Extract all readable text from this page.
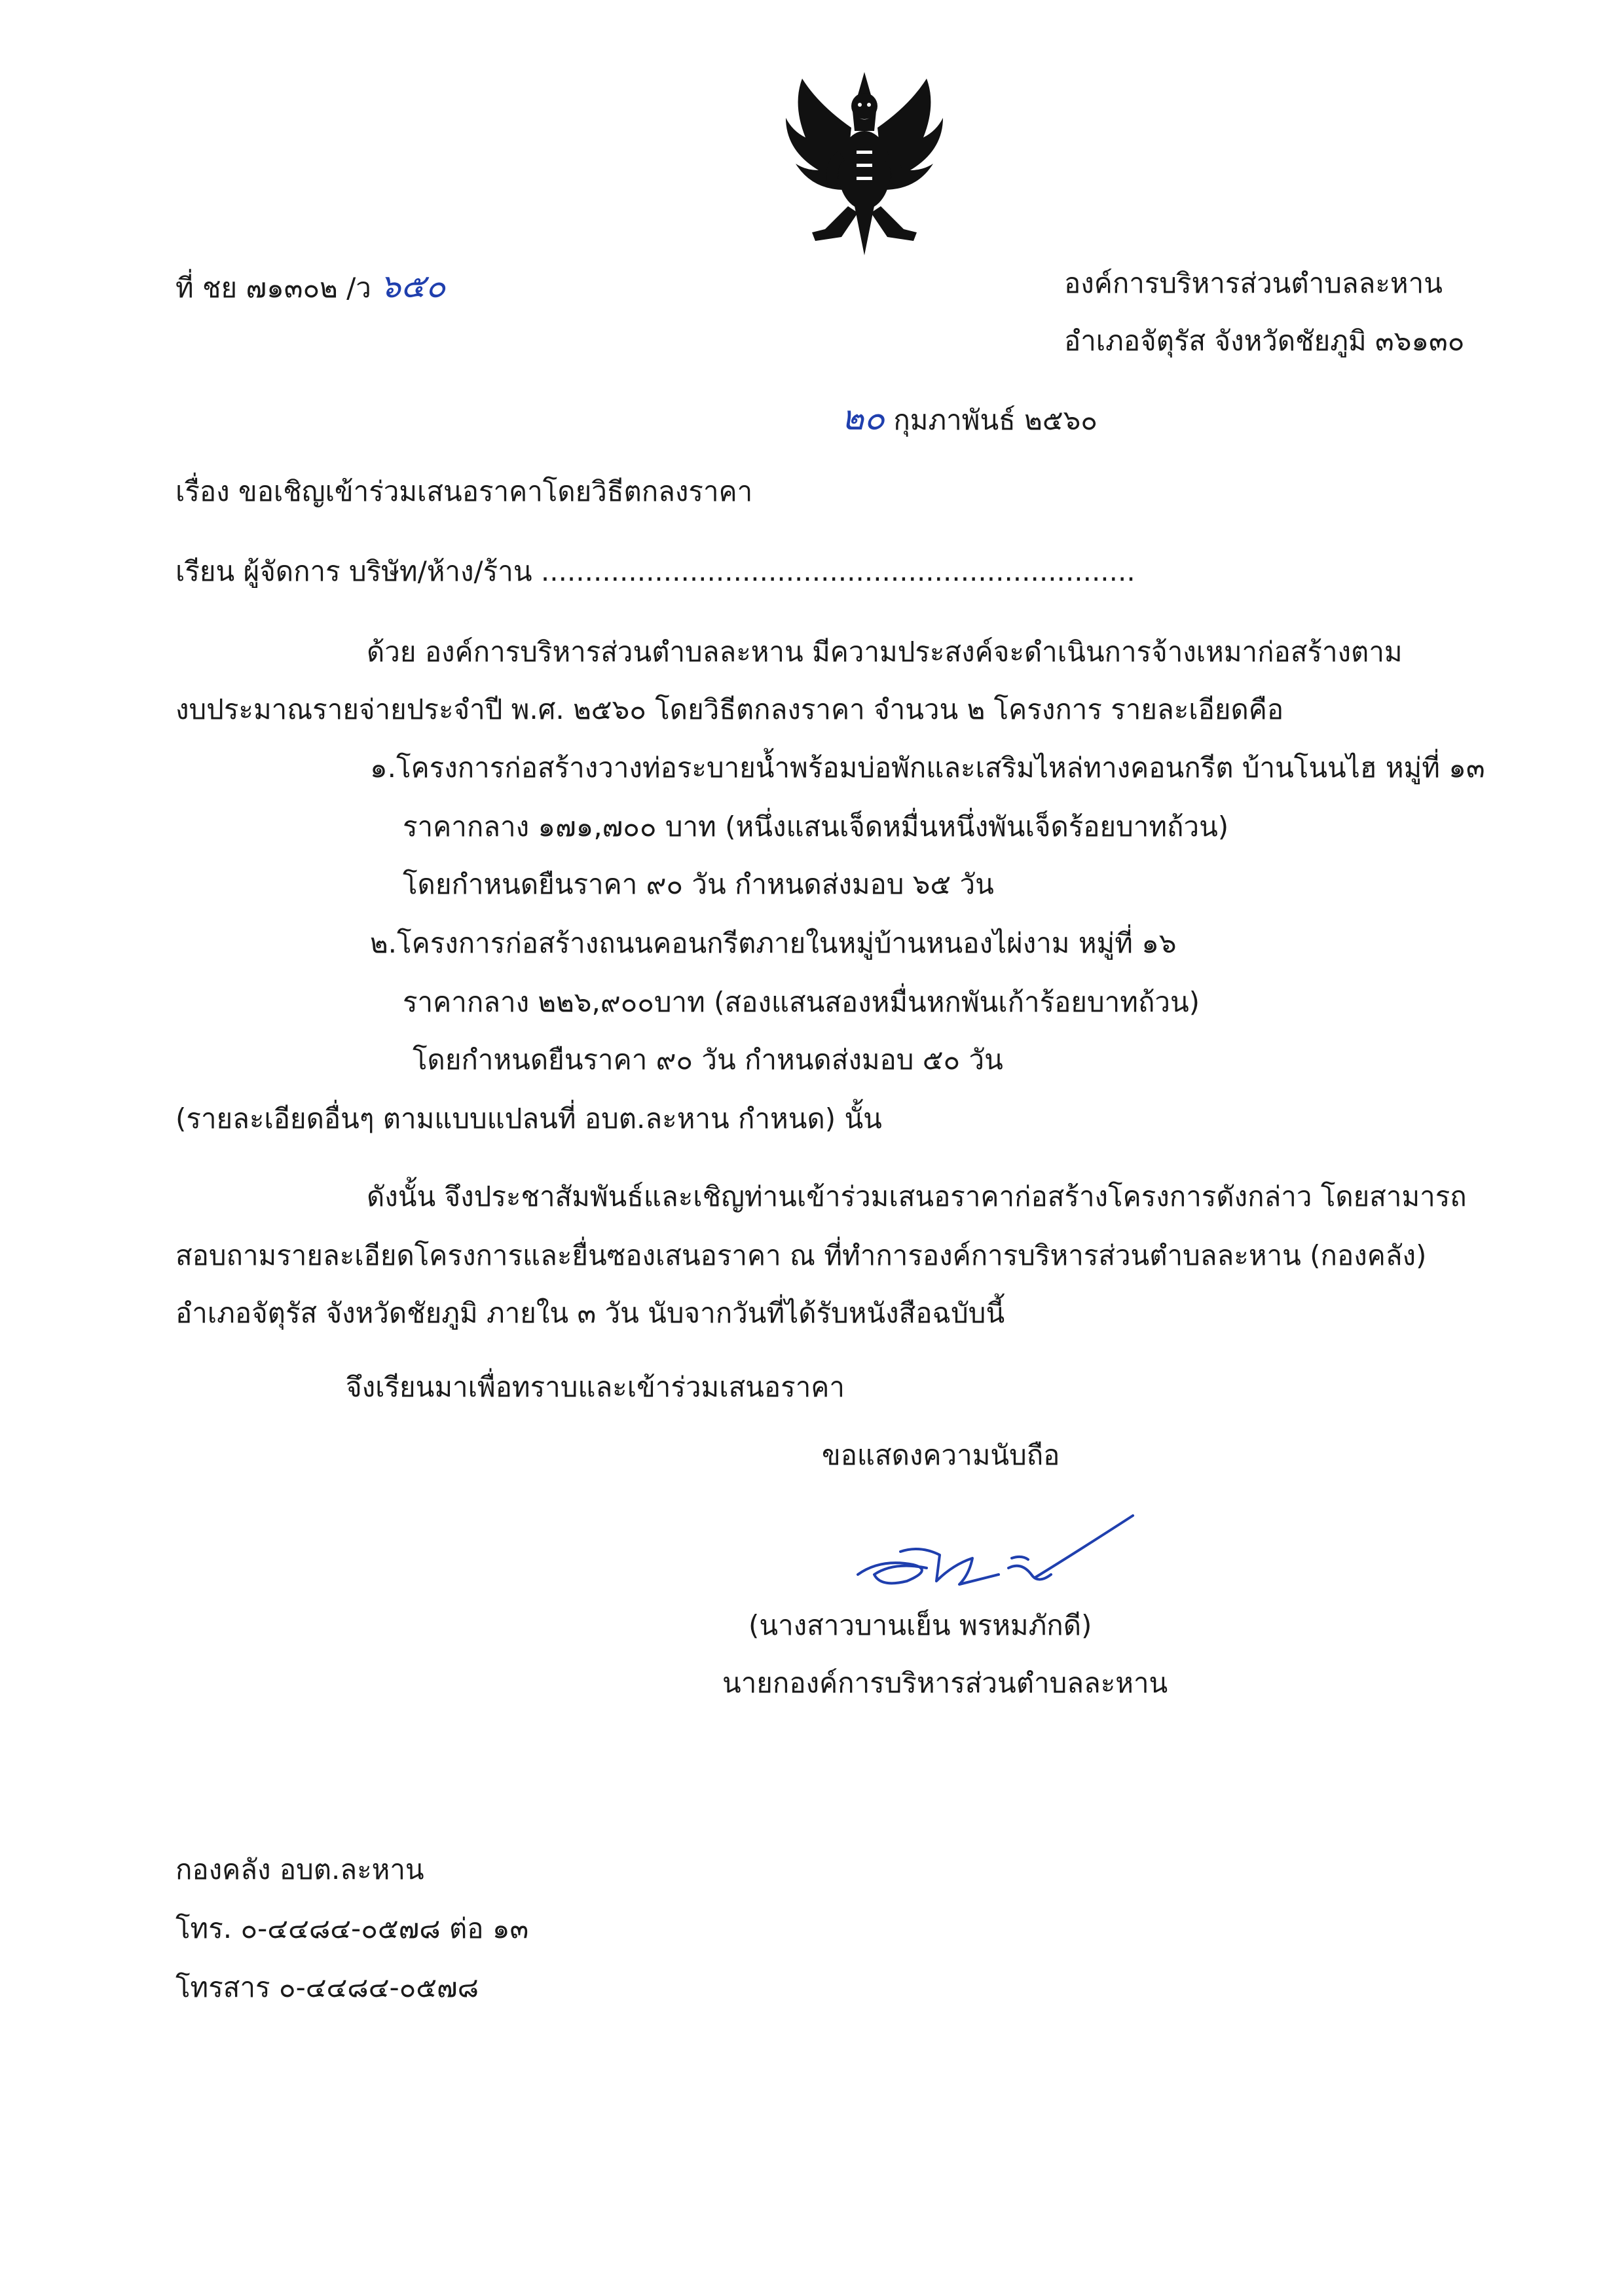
ที่ ชย ๗๑๓๐๒ /ว ๖๕๐	องค์การบริหารส่วนตำบลละหาน
อำเภอจัตุรัส จังหวัดชัยภูมิ ๓๖๑๓๐
๒๐ กุมภาพันธ์ ๒๕๖๐
เรื่อง ขอเชิญเข้าร่วมเสนอราคาโดยวิธีตกลงราคา
เรียน ผู้จัดการ บริษัท/ห้าง/ร้าน ....................................................................
ด้วย องค์การบริหารส่วนตำบลละหาน มีความประสงค์จะดำเนินการจ้างเหมาก่อสร้างตาม
งบประมาณรายจ่ายประจำปี พ.ศ. ๒๕๖๐ โดยวิธีตกลงราคา จำนวน ๒ โครงการ รายละเอียดคือ
๑.โครงการก่อสร้างวางท่อระบายน้ำพร้อมบ่อพักและเสริมไหล่ทางคอนกรีต บ้านโนนไฮ หมู่ที่ ๑๓
ราคากลาง ๑๗๑,๗๐๐ บาท (หนึ่งแสนเจ็ดหมื่นหนึ่งพันเจ็ดร้อยบาทถ้วน)
โดยกำหนดยืนราคา ๙๐ วัน กำหนดส่งมอบ ๖๕ วัน
๒.โครงการก่อสร้างถนนคอนกรีตภายในหมู่บ้านหนองไผ่งาม หมู่ที่ ๑๖
ราคากลาง ๒๒๖,๙๐๐บาท (สองแสนสองหมื่นหกพันเก้าร้อยบาทถ้วน)
โดยกำหนดยืนราคา ๙๐ วัน กำหนดส่งมอบ ๕๐ วัน
(รายละเอียดอื่นๆ ตามแบบแปลนที่ อบต.ละหาน กำหนด) นั้น
ดังนั้น จึงประชาสัมพันธ์และเชิญท่านเข้าร่วมเสนอราคาก่อสร้างโครงการดังกล่าว โดยสามารถ
สอบถามรายละเอียดโครงการและยื่นซองเสนอราคา ณ ที่ทำการองค์การบริหารส่วนตำบลละหาน (กองคลัง)
อำเภอจัตุรัส จังหวัดชัยภูมิ ภายใน ๓ วัน นับจากวันที่ได้รับหนังสือฉบับนี้
จึงเรียนมาเพื่อทราบและเข้าร่วมเสนอราคา
ขอแสดงความนับถือ
(นางสาวบานเย็น พรหมภักดี)
นายกองค์การบริหารส่วนตำบลละหาน
กองคลัง อบต.ละหาน
โทร. ๐-๔๔๘๔-๐๕๗๘ ต่อ ๑๓
โทรสาร ๐-๔๔๘๔-๐๕๗๘
